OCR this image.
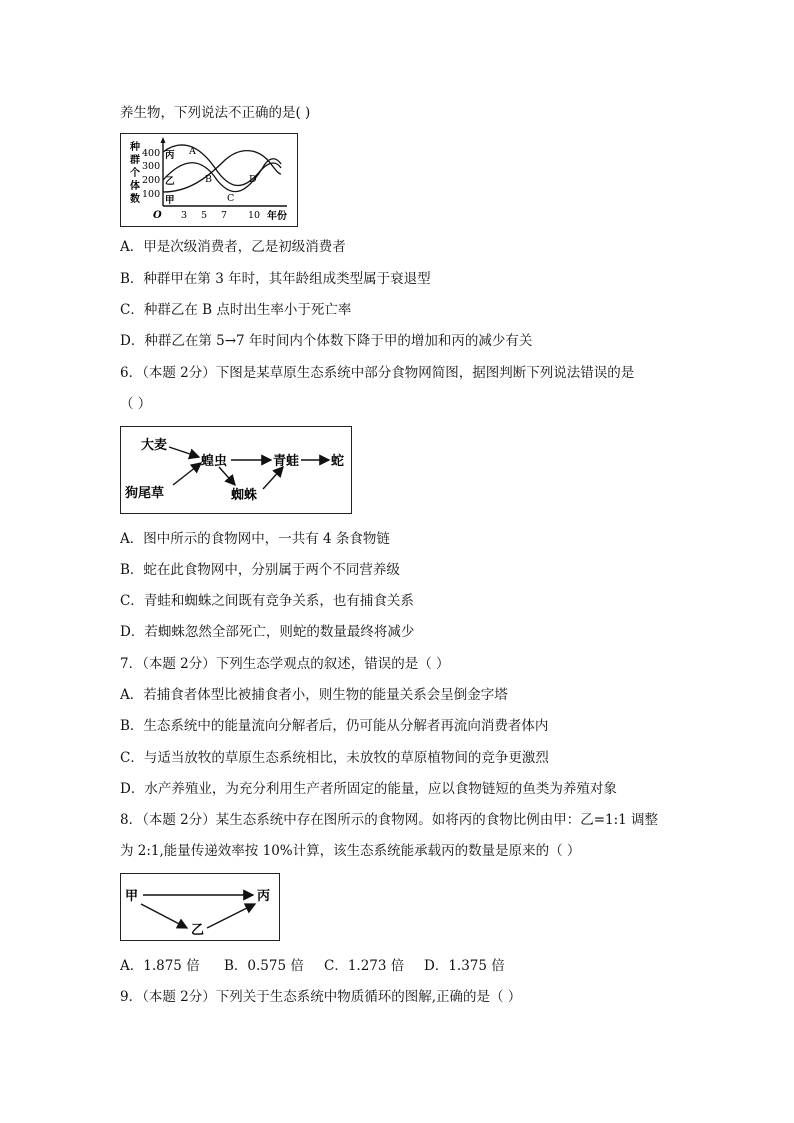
养生物，下列说法不正确的是( )
种
群
个
体
数
400
300
200
100
O 3 5 7 10 年份
丙
乙
甲
A
B
C
D
A．甲是次级消费者，乙是初级消费者
B．种群甲在第 3 年时，其年龄组成类型属于衰退型
C．种群乙在 B 点时出生率小于死亡率
D．种群乙在第 5→7 年时间内个体数下降于甲的增加和丙的减少有关
6．（本题 2分）下图是某草原生态系统中部分食物网简图，据图判断下列说法错误的是
（ ）
大麦
狗尾草
蝗虫	青蛙 蛇
蜘蛛
A．图中所示的食物网中，一共有 4 条食物链
B．蛇在此食物网中，分别属于两个不同营养级
C．青蛙和蜘蛛之间既有竞争关系，也有捕食关系
D．若蜘蛛忽然全部死亡，则蛇的数量最终将减少
7．（本题 2分）下列生态学观点的叙述，错误的是（ ）
A．若捕食者体型比被捕食者小，则生物的能量关系会呈倒金字塔
B．生态系统中的能量流向分解者后，仍可能从分解者再流向消费者体内
C．与适当放牧的草原生态系统相比，未放牧的草原植物间的竞争更激烈
D．水产养殖业，为充分利用生产者所固定的能量，应以食物链短的鱼类为养殖对象
8．（本题 2分）某生态系统中存在图所示的食物网。如将丙的食物比例由甲：乙=1:1 调整
为 2:1,能量传递效率按 10%计算，该生态系统能承载丙的数量是原来的（ ）
甲	丙
乙
A．1.875 倍 B．0.575 倍 C．1.273 倍 D．1.375 倍
9．（本题 2分）下列关于生态系统中物质循环的图解,正确的是（ ）
